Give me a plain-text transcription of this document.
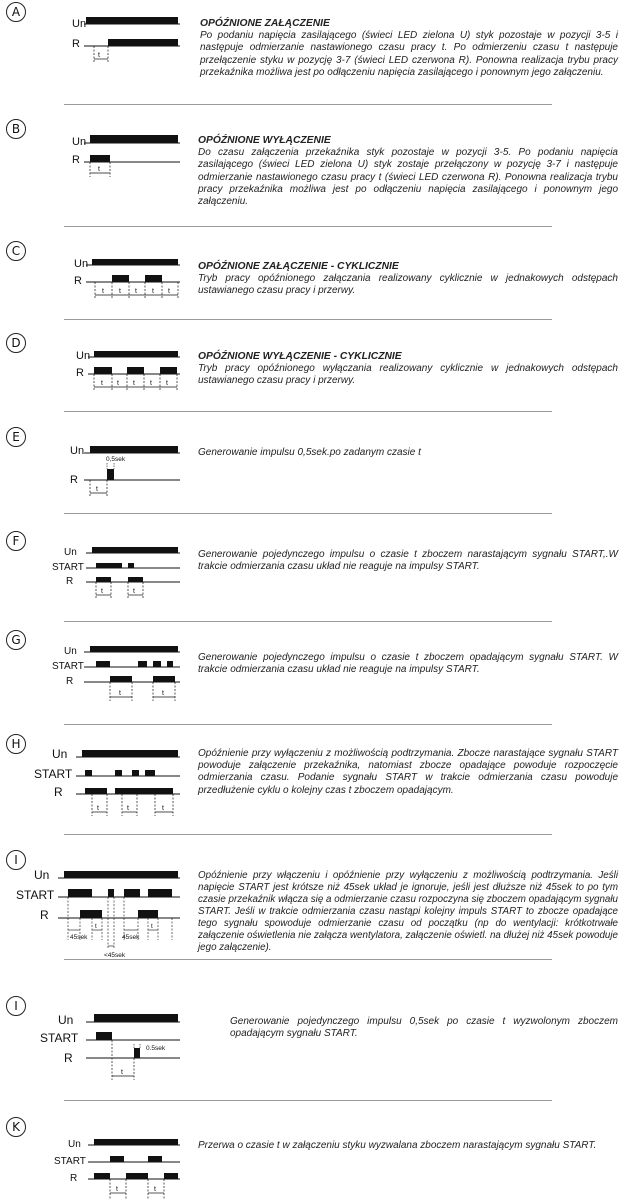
A
Un
R
t
OPÓŹNIONE ZAŁĄCZENIE
Po podaniu napięcia zasilającego (świeci LED zielona U) styk pozostaje w pozycji 3-5 i następuje odmierzanie nastawionego czasu pracy t. Po odmierzeniu czasu t następuje przełączenie styku w pozycję 3-7 (świeci LED czerwona R). Ponowna realizacja trybu pracy przekaźnika możliwa jest po odłączeniu napięcia zasilającego i ponownym jego załączeniu.
B
Un
R
t
OPÓŹNIONE WYŁĄCZENIE
Do czasu załączenia przekaźnika styk pozostaje w pozycji 3-5. Po podaniu napięcia zasilającego (świeci LED zielona U) styk zostaje przełączony w pozycję 3-7 i następuje odmierzanie nastawionego czasu pracy t (świeci LED czerwona R). Ponowna realizacja trybu pracy przekaźnika możliwa jest po odłączeniu napięcia zasilającego i ponownym jego załączeniu.
C
Un
R
t t t t t
OPÓŹNIONE ZAŁĄCZENIE - CYKLICZNIE
Tryb pracy opóźnionego załączania realizowany cyklicznie w jednakowych odstępach ustawianego czasu pracy i przerwy.
D
Un
R
t t t t t
OPÓŹNIONE WYŁĄCZENIE - CYKLICZNIE
Tryb pracy opóźnionego wyłączania realizowany cyklicznie w jednakowych odstępach ustawianego czasu pracy i przerwy.
E
Un
R
0,5sek
t
Generowanie impulsu 0,5sek.po zadanym czasie t
F
Un
START
R
t	t
Generowanie pojedynczego impulsu o czasie t zboczem narastającym sygnału START,.W trakcie odmierzania czasu układ nie reaguje na impulsy START.
G
Un
START
R
t	t
Generowanie pojedynczego impulsu o czasie t zboczem opadającym sygnału START. W trakcie odmierzania czasu układ nie reaguje na impulsy START.
H
Un
START
R
t	t	t
Opóźnienie przy wyłączeniu z możliwością podtrzymania. Zbocze narastające sygnału START powoduje załączenie przekaźnika, natomiast zbocze opadające powoduje rozpoczęcie odmierzania czasu. Podanie sygnału START w trakcie odmierzania czasu powoduje przedłużenie cyklu o kolejny czas t zboczem opadającym.
I
Un
START
R
45sek
t
45sek
t
<45sek
Opóźnienie przy włączeniu i opóźnienie przy wyłączeniu z możliwością podtrzymania. Jeśli napięcie START jest krótsze niż 45sek układ je ignoruje, jeśli jest dłuższe niż 45sek to po tym czasie przekaźnik włącza się a odmierzanie czasu rozpoczyna się zboczem opadającym sygnału START. Jeśli w trakcie odmierzania czasu nastąpi kolejny impuls START to zbocze opadające tego sygnału spowoduje odmierzanie czasu od początku (np do wentylacji: krótkotrwałe załączenie oświetlenia nie załącza wentylatora, załączenie oświetl. na dłużej niż 45sek powoduje jego załączenie).
I
Un
START
R
0.5sek
t
Generowanie pojedynczego impulsu 0,5sek po czasie t wyzwolonym zboczem opadającym sygnału START.
K
Un
START
R
t	t
Przerwa o czasie t w załączeniu styku wyzwalana zboczem narastającym sygnału START.
